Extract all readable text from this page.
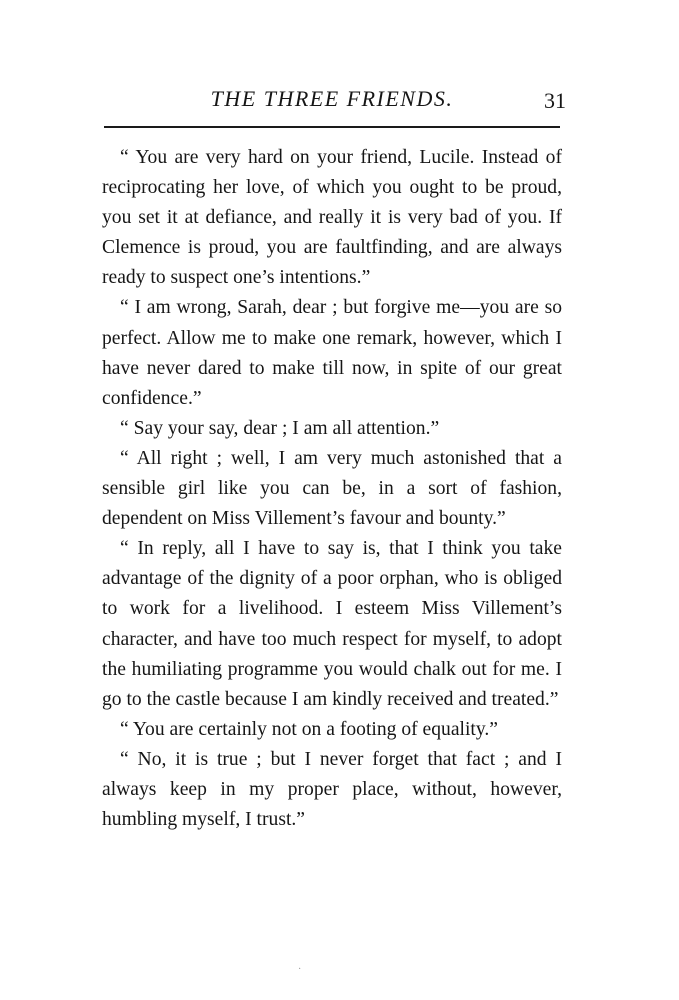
THE THREE FRIENDS.	31

“ You are very hard on your friend, Lucile. Instead of reciprocating her love, of which you ought to be proud, you set it at defiance, and really it is very bad of you. If Clemence is proud, you are faultfinding, and are always ready to suspect one’s intentions.”

“ I am wrong, Sarah, dear ; but forgive me—you are so perfect. Allow me to make one remark, however, which I have never dared to make till now, in spite of our great confidence.”

“ Say your say, dear ; I am all attention.”

“ All right ; well, I am very much astonished that a sensible girl like you can be, in a sort of fashion, dependent on Miss Villement’s favour and bounty.”

“ In reply, all I have to say is, that I think you take advantage of the dignity of a poor orphan, who is obliged to work for a livelihood. I esteem Miss Villement’s character, and have too much respect for myself, to adopt the humiliating programme you would chalk out for me. I go to the castle because I am kindly received and treated.”

“ You are certainly not on a footing of equality.”

“ No, it is true ; but I never forget that fact ; and I always keep in my proper place, without, however, humbling myself, I trust.”

·
